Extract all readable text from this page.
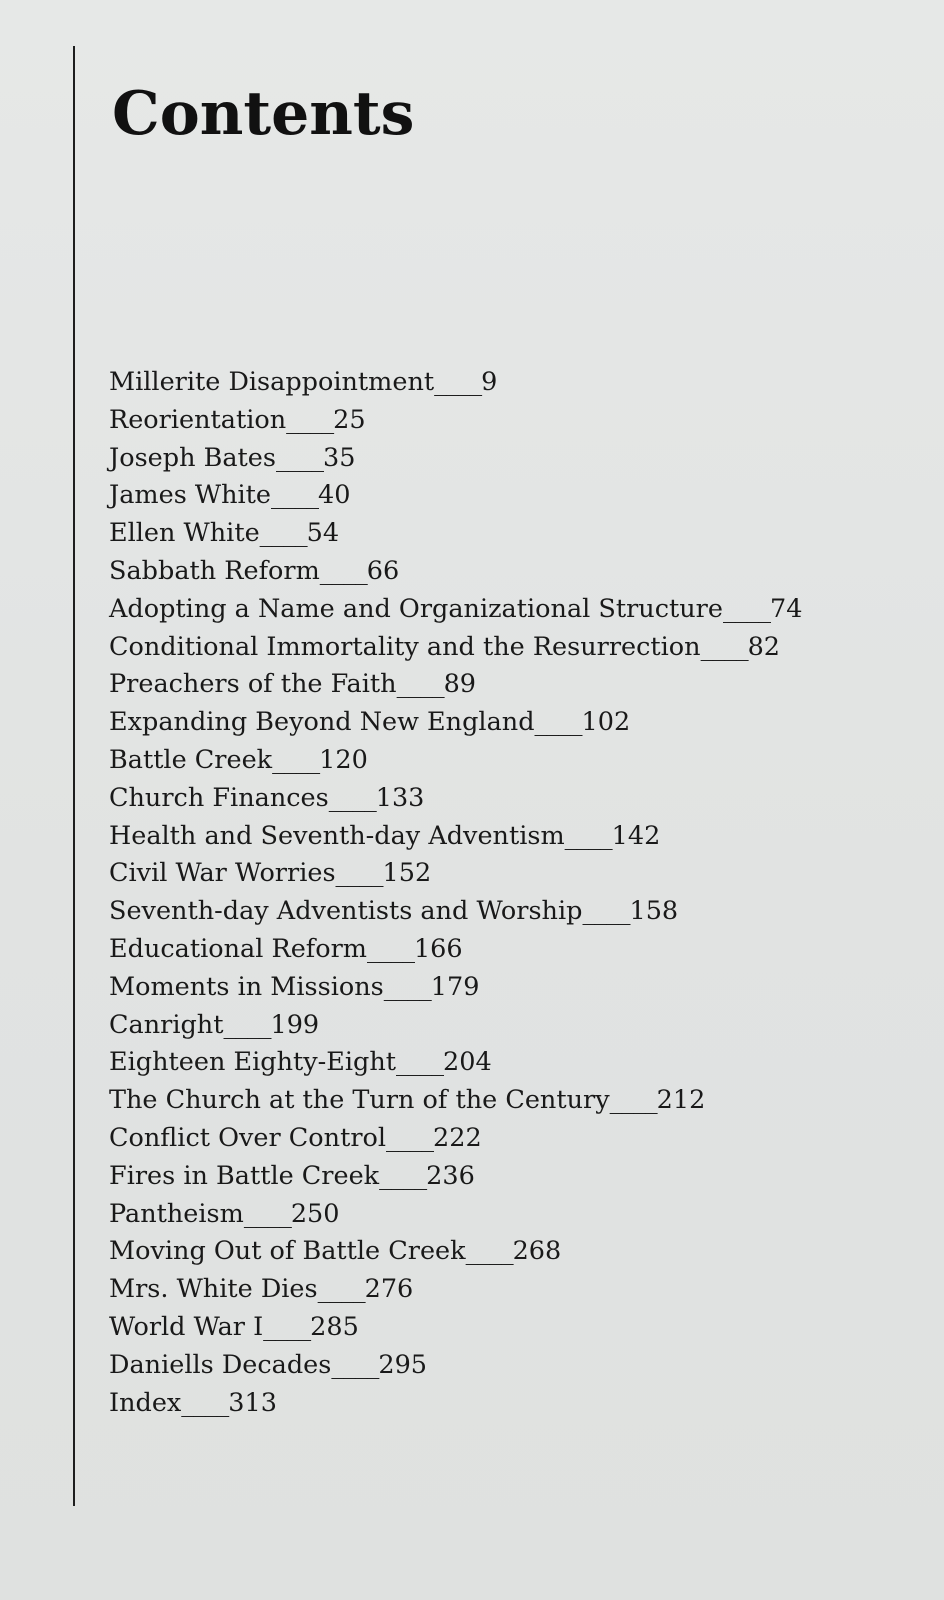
Contents
Millerite Disappointment____9
Reorientation____25
Joseph Bates____35
James White____40
Ellen White____54
Sabbath Reform____66
Adopting a Name and Organizational Structure____74
Conditional Immortality and the Resurrection____82
Preachers of the Faith____89
Expanding Beyond New England____102
Battle Creek____120
Church Finances____133
Health and Seventh-day Adventism____142
Civil War Worries____152
Seventh-day Adventists and Worship____158
Educational Reform____166
Moments in Missions____179
Canright____199
Eighteen Eighty-Eight____204
The Church at the Turn of the Century____212
Conflict Over Control____222
Fires in Battle Creek____236
Pantheism____250
Moving Out of Battle Creek____268
Mrs. White Dies____276
World War I____285
Daniells Decades____295
Index____313
